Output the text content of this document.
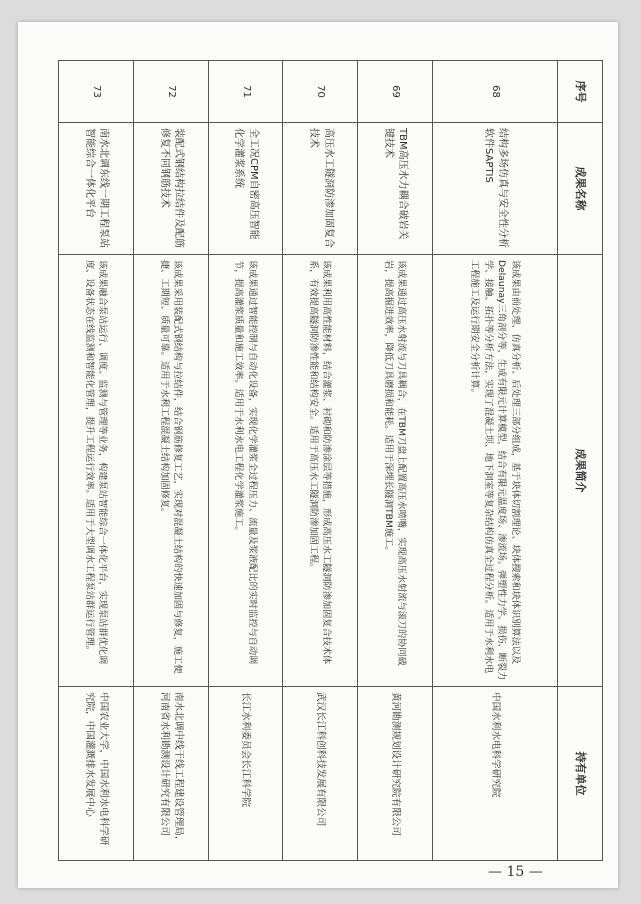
序号	成果名称	成果简介	持有单位
68	结构多场仿真与安全性分析软件SAPTIS	该成果由前处理、仿真分析、后处理三部分组成，基于块体切割理论、块体搜索和块体识别算法以及Delaunay三角剖分等，生成有限元计算模型，结合有限元温度场、渗流场、弹塑性力学、损伤、断裂力学、接触、拓扑等分析方法，实现了混凝土坝、地下洞室等复杂结构仿真全过程分析。适用于水利水电工程施工及运行期安全分析计算。	中国水利水电科学研究院
69	TBM高压水力耦合破岩关键技术	该成果通过高压水射流与刀具耦合，在TBM刀盘上配置高压水喷嘴，实现高压水射流与滚刀的协同破岩，提高掘进效率，降低刀具磨损和能耗。适用于深埋长隧洞TBM施工。	黄河勘测规划设计研究院有限公司
70	高压水工隧洞防渗加固复合技术	该成果利用高性能材料，结合灌浆、衬砌和防渗涂层等措施，形成高压水工隧洞防渗加固复合技术体系，有效提高隧洞防渗性能和结构安全。适用于高压水工隧洞防渗加固工程。	武汉长江科创科技发展有限公司
71	全工况CPM自密高压智能化学灌浆系统	该成果通过智能控制与自动化设备，实现化学灌浆全过程压力、流量及浆液配比的实时监控与自动调节，提高灌浆质量和施工效率。适用于水利水电工程化学灌浆施工。	长江水利委员会长江科学院
72	装配式钢结构拉结件及配筋修复不同钢筋技术	该成果采用装配式钢结构与拉结件，结合钢筋修复工艺，实现对混凝土结构的快速加固与修复，施工便捷、工期短、质量可靠。适用于水利工程混凝土结构加固修复。	南水北调中线干线工程建设管理局，河南省水利勘测设计研究有限公司
73	南水北调东线一期工程泵站智能综合一体化平台	该成果融合泵站运行、调度、监测与管理等业务，构建泵站智能综合一体化平台，实现泵站群优化调度、设备状态在线监测和智能化管理，提升工程运行效率。适用于大型调水工程泵站群运行管理。	中国农业大学，中国水利水电科学研究院，中国灌溉排水发展中心
— 15 —
